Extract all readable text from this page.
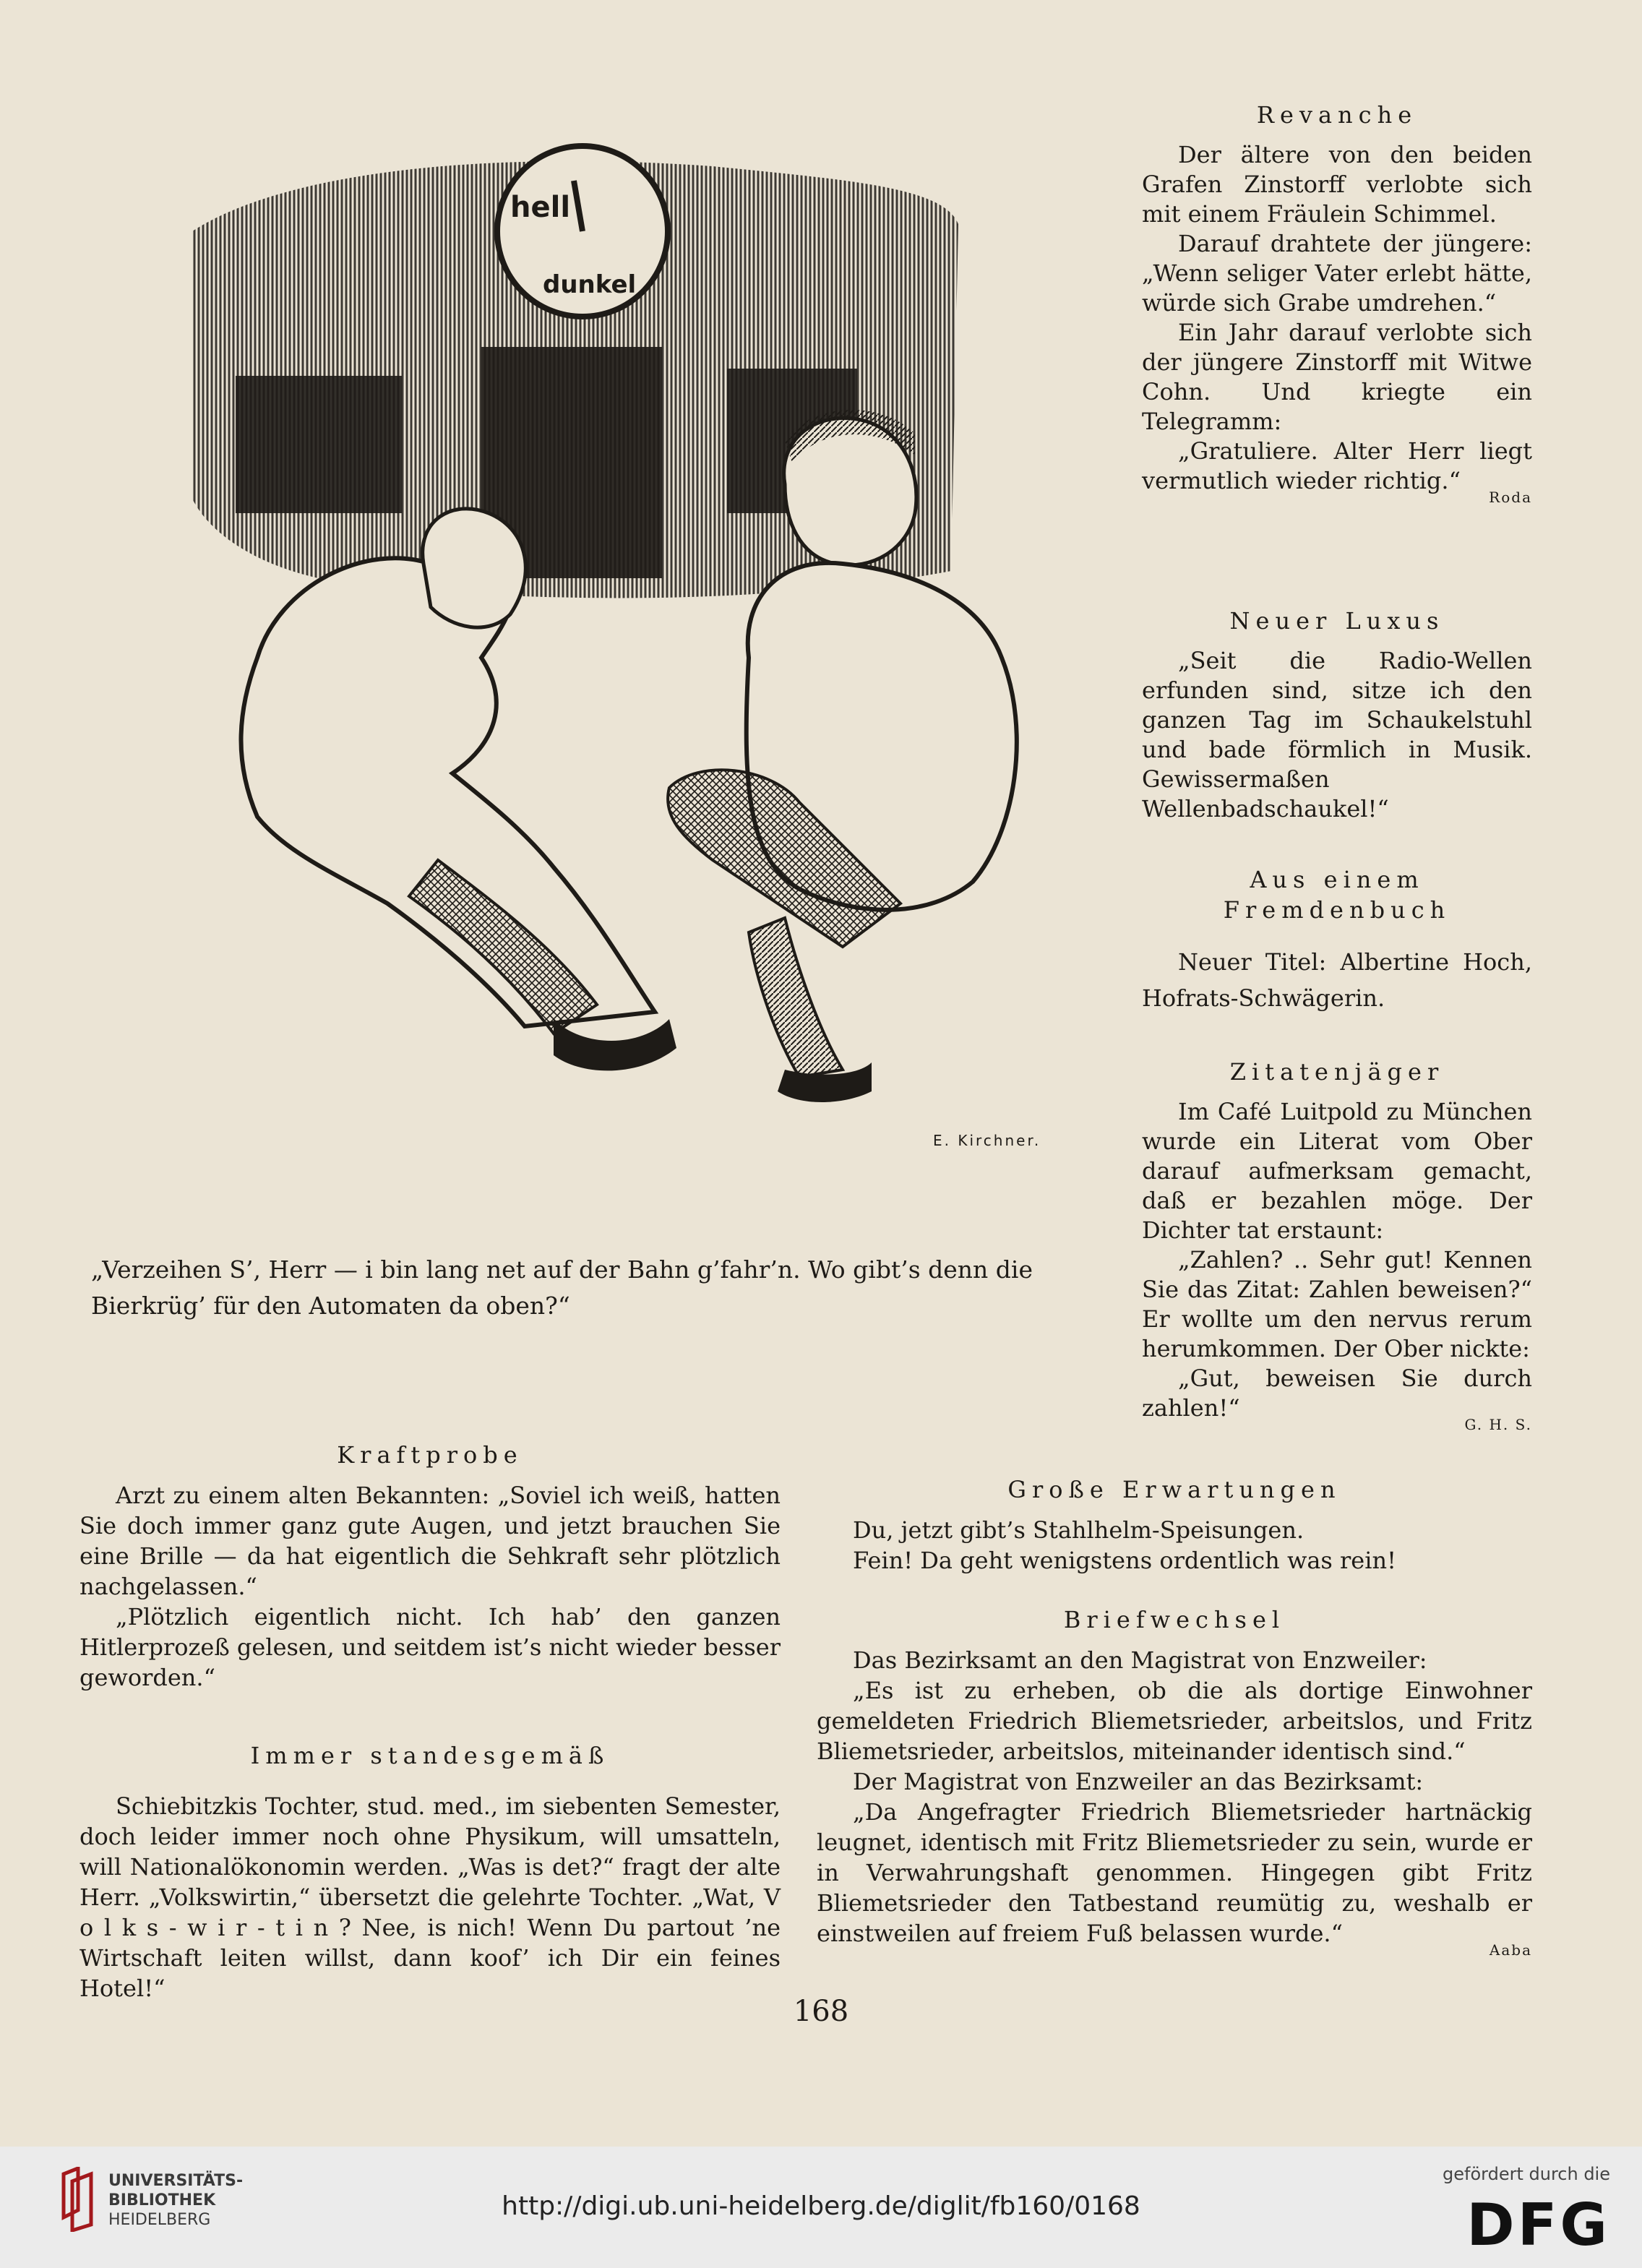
hell
dunkel
E. Kirchner.
„Verzeihen S’, Herr — i bin lang net auf der Bahn g’fahr’n. Wo gibt’s denn die Bierkrüg’ für den Automaten da oben?“
Revanche

Der ältere von den beiden Grafen Zinstorff verlobte sich mit einem Fräulein Schimmel.

Darauf drahtete der jüngere: „Wenn seliger Vater erlebt hätte, würde sich Grabe umdrehen.“

Ein Jahr darauf verlobte sich der jüngere Zinstorff mit Witwe Cohn. Und kriegte ein Telegramm:

„Gratuliere. Alter Herr liegt vermutlich wieder richtig.“

Roda
Neuer Luxus

„Seit die Radio-Wellen erfunden sind, sitze ich den ganzen Tag im Schaukelstuhl und bade förmlich in Musik. Gewissermaßen Wellenbadschaukel!“

Aus einem Fremdenbuch

Neuer Titel: Albertine Hoch, Hofrats-Schwägerin.

Zitatenjäger

Im Café Luitpold zu München wurde ein Literat vom Ober darauf aufmerksam gemacht, daß er bezahlen möge. Der Dichter tat erstaunt:

„Zahlen? .. Sehr gut! Kennen Sie das Zitat: Zahlen beweisen?“ Er wollte um den nervus rerum herumkommen. Der Ober nickte:

„Gut, beweisen Sie durch zahlen!“

G. H. S.
Kraftprobe

Arzt zu einem alten Bekannten: „Soviel ich weiß, hatten Sie doch immer ganz gute Augen, und jetzt brauchen Sie eine Brille — da hat eigentlich die Sehkraft sehr plötzlich nachgelassen.“

„Plötzlich eigentlich nicht. Ich hab’ den ganzen Hitlerprozeß gelesen, und seitdem ist’s nicht wieder besser geworden.“

Immer standesgemäß

Schiebitzkis Tochter, stud. med., im siebenten Semester, doch leider immer noch ohne Physikum, will umsatteln, will Nationalökonomin werden. „Was is det?“ fragt der alte Herr. „Volkswirtin,“ übersetzt die gelehrte Tochter. „Wat, V o l k s - w i r - t i n ? Nee, is nich! Wenn Du partout ’ne Wirtschaft leiten willst, dann koof’ ich Dir ein feines Hotel!“

Große Erwartungen

Du, jetzt gibt’s Stahlhelm-Speisungen.

Fein! Da geht wenigstens ordentlich was rein!

Briefwechsel

Das Bezirksamt an den Magistrat von Enzweiler:

„Es ist zu erheben, ob die als dortige Einwohner gemeldeten Friedrich Bliemetsrieder, arbeitslos, und Fritz Bliemetsrieder, arbeitslos, miteinander identisch sind.“

Der Magistrat von Enzweiler an das Bezirksamt:

„Da Angefragter Friedrich Bliemetsrieder hartnäckig leugnet, identisch mit Fritz Bliemetsrieder zu sein, wurde er in Verwahrungshaft genommen. Hingegen gibt Fritz Bliemetsrieder den Tatbestand reumütig zu, weshalb er einstweilen auf freiem Fuß belassen wurde.“

Aaba
168
UNIVERSITÄTS-
BIBLIOTHEK
HEIDELBERG	http://digi.ub.uni-heidelberg.de/diglit/fb160/0168
gefördert durch die
DFG
